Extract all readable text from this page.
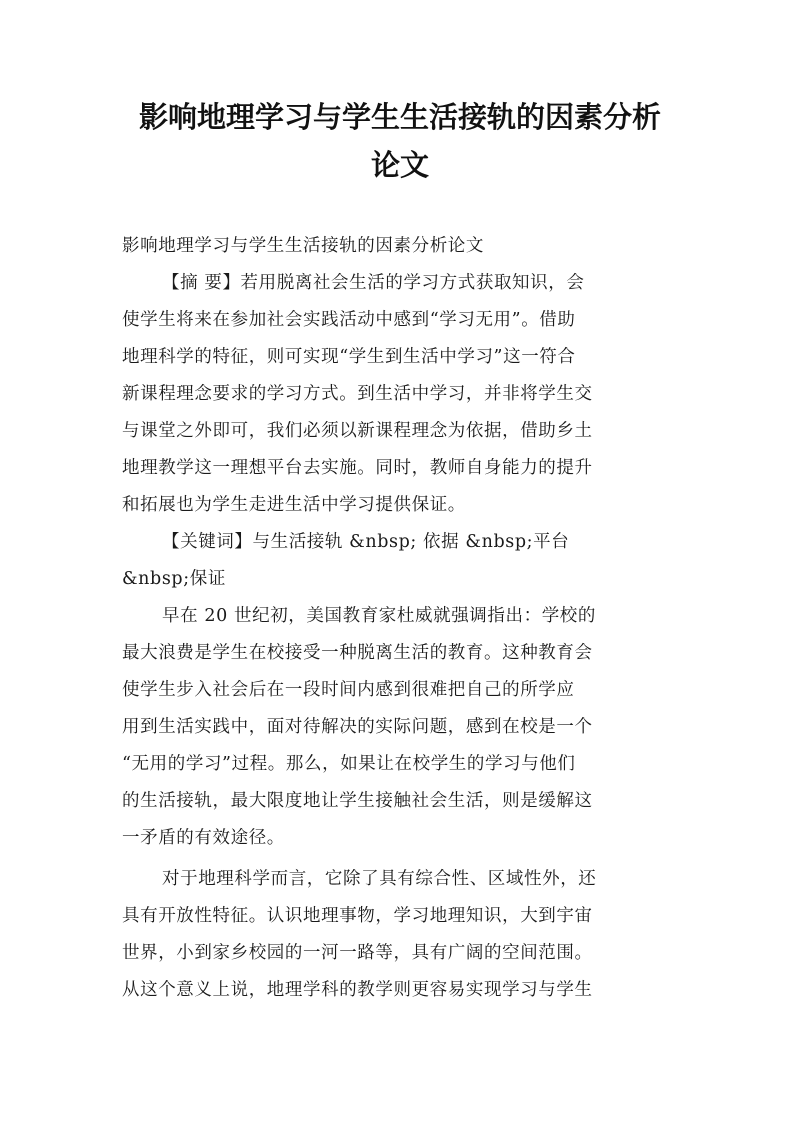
影响地理学习与学生生活接轨的因素分析
论文
影响地理学习与学生生活接轨的因素分析论文
【摘 要】若用脱离社会生活的学习方式获取知识，会
使学生将来在参加社会实践活动中感到“学习无用”。借助
地理科学的特征，则可实现“学生到生活中学习”这一符合
新课程理念要求的学习方式。到生活中学习，并非将学生交
与课堂之外即可，我们必须以新课程理念为依据，借助乡土
地理教学这一理想平台去实施。同时，教师自身能力的提升
和拓展也为学生走进生活中学习提供保证。
【关键词】与生活接轨 &nbsp; 依据 &nbsp;平台
&nbsp;保证
早在 20 世纪初，美国教育家杜威就强调指出：学校的
最大浪费是学生在校接受一种脱离生活的教育。这种教育会
使学生步入社会后在一段时间内感到很难把自己的所学应
用到生活实践中，面对待解决的实际问题，感到在校是一个
“无用的学习”过程。那么，如果让在校学生的学习与他们
的生活接轨，最大限度地让学生接触社会生活，则是缓解这
一矛盾的有效途径。
对于地理科学而言，它除了具有综合性、区域性外，还
具有开放性特征。认识地理事物，学习地理知识，大到宇宙
世界，小到家乡校园的一河一路等，具有广阔的空间范围。
从这个意义上说，地理学科的教学则更容易实现学习与学生
